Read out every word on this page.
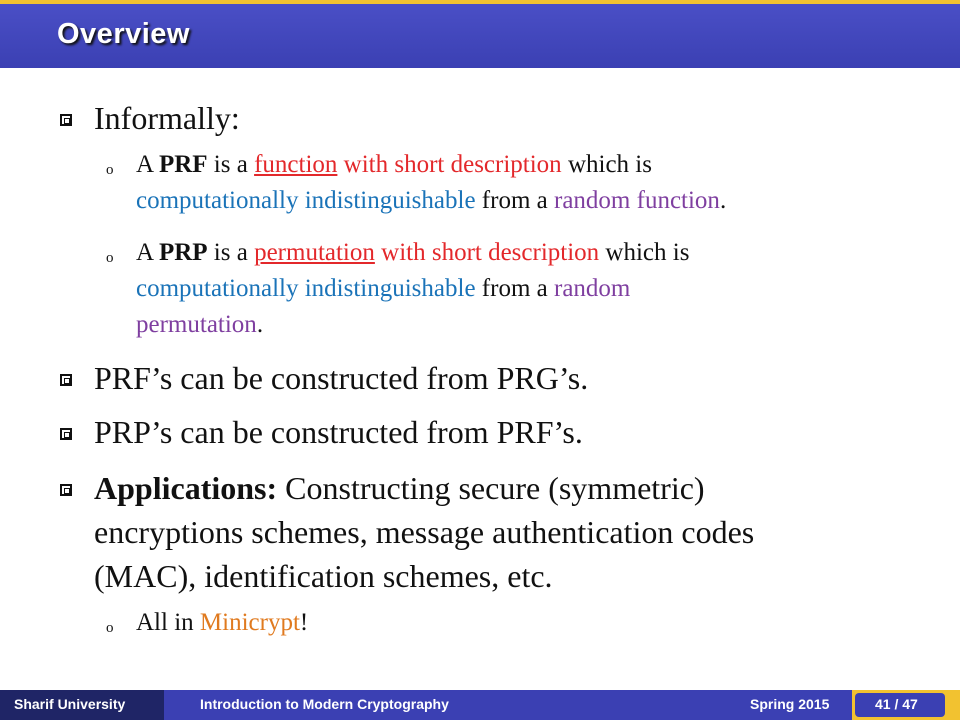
Overview
Informally:
o A PRF is a function with short description which is
computationally indistinguishable from a random function.
o A PRP is a permutation with short description which is
computationally indistinguishable from a random
permutation.
PRF’s can be constructed from PRG’s.
PRP’s can be constructed from PRF’s.
Applications: Constructing secure (symmetric)
encryptions schemes, message authentication codes
(MAC), identification schemes, etc.
o All in Minicrypt!
Sharif University	Introduction to Modern Cryptography	Spring 2015	41 / 47
